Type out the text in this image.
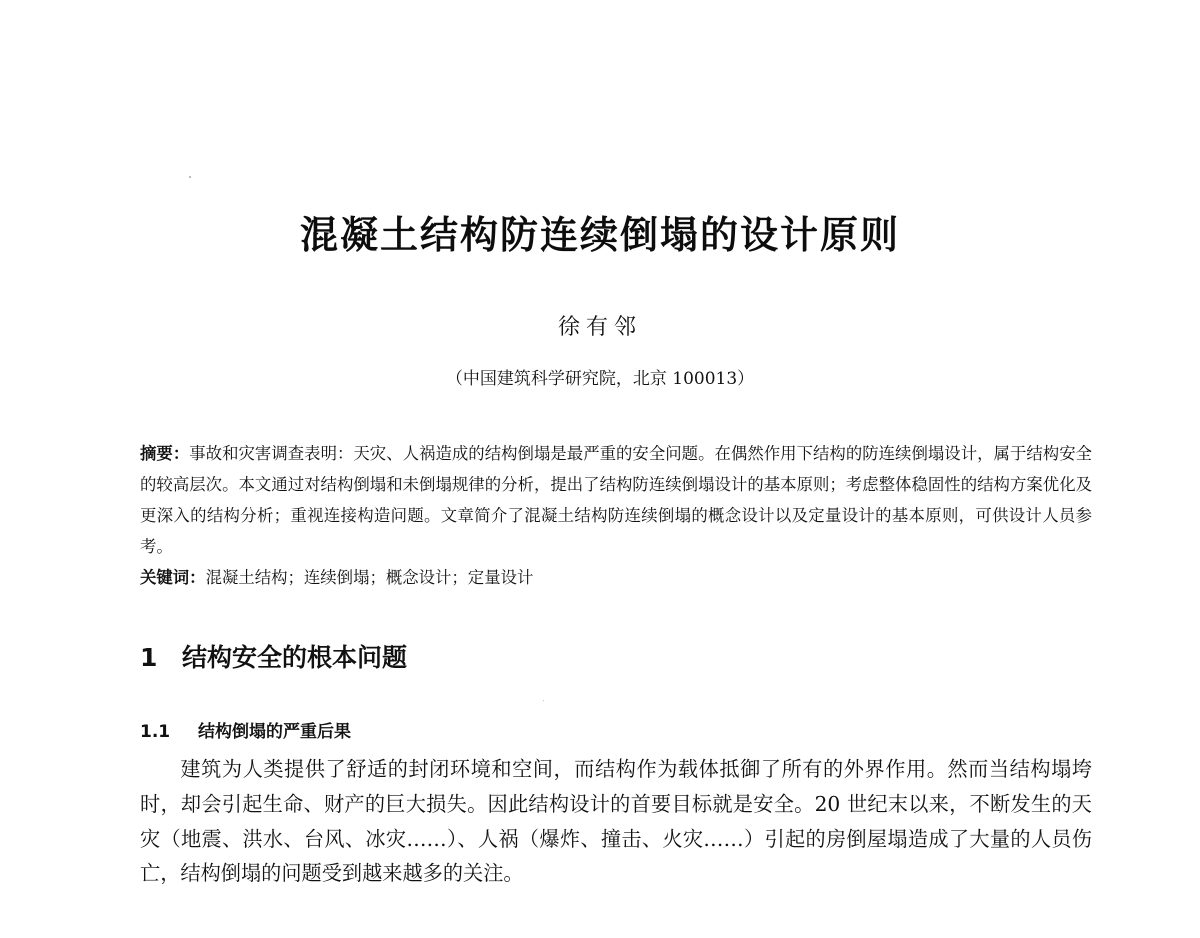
混凝土结构防连续倒塌的设计原则
徐有邻
（中国建筑科学研究院，北京 100013）

摘要：事故和灾害调查表明：天灾、人祸造成的结构倒塌是最严重的安全问题。在偶然作用下结构的防连续倒塌设计，属于结构安全的较高层次。本文通过对结构倒塌和未倒塌规律的分析，提出了结构防连续倒塌设计的基本原则；考虑整体稳固性的结构方案优化及更深入的结构分析；重视连接构造问题。文章简介了混凝土结构防连续倒塌的概念设计以及定量设计的基本原则，可供设计人员参考。

关键词：混凝土结构；连续倒塌；概念设计；定量设计

1 结构安全的根本问题
1.1 结构倒塌的严重后果

建筑为人类提供了舒适的封闭环境和空间，而结构作为载体抵御了所有的外界作用。然而当结构塌垮时，却会引起生命、财产的巨大损失。因此结构设计的首要目标就是安全。20 世纪末以来，不断发生的天灾（地震、洪水、台风、冰灾……）、人祸（爆炸、撞击、火灾……）引起的房倒屋塌造成了大量的人员伤亡，结构倒塌的问题受到越来越多的关注。
